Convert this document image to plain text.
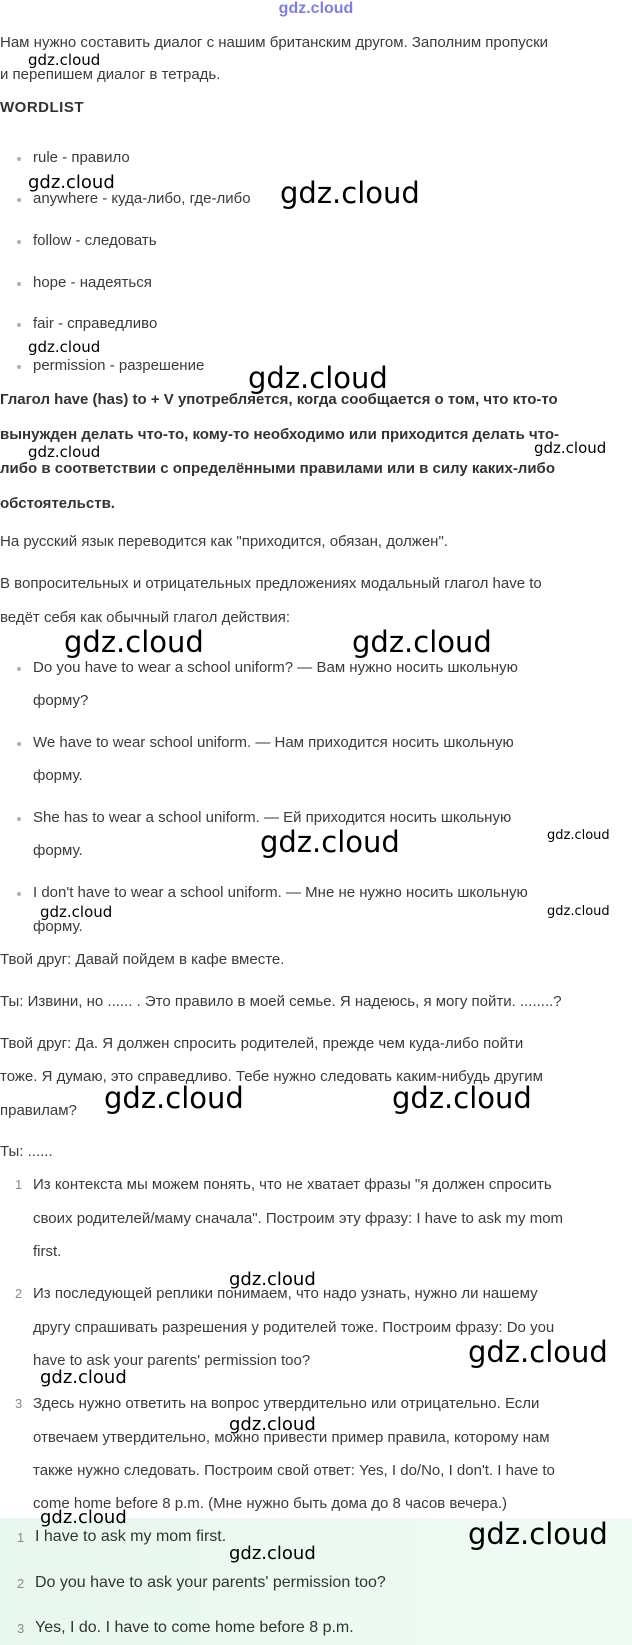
gdz.cloud
Нам нужно составить диалог с нашим британским другом. Заполним пропуски
и перепишем диалог в тетрадь.
WORDLIST
rule - правило
anywhere - куда-либо, где-либо
follow - следовать
hope - надеяться
fair - справедливо
permission - разрешение
Глагол have (has) to + V употребляется, когда сообщается о том, что кто-то
вынужден делать что-то, кому-то необходимо или приходится делать что-
либо в соответствии с определёнными правилами или в силу каких-либо
обстоятельств.
На русский язык переводится как "приходится, обязан, должен".
В вопросительных и отрицательных предложениях модальный глагол have to
ведёт себя как обычный глагол действия:
Do you have to wear a school uniform? — Вам нужно носить школьную
форму?
We have to wear school uniform. — Нам приходится носить школьную
форму.
She has to wear a school uniform. — Ей приходится носить школьную
форму.
I don't have to wear a school uniform. — Мне не нужно носить школьную
форму.
Твой друг: Давай пойдем в кафе вместе.
Ты: Извини, но ...... . Это правило в моей семье. Я надеюсь, я могу пойти. ........?
Твой друг: Да. Я должен спросить родителей, прежде чем куда-либо пойти
тоже. Я думаю, это справедливо. Тебе нужно следовать каким-нибудь другим
правилам?
Ты: ......
1 Из контекста мы можем понять, что не хватает фразы "я должен спросить
своих родителей/маму сначала". Построим эту фразу: I have to ask my mom
first.
2 Из последующей реплики понимаем, что надо узнать, нужно ли нашему
другу спрашивать разрешения у родителей тоже. Построим фразу: Do you
have to ask your parents' permission too?
3 Здесь нужно ответить на вопрос утвердительно или отрицательно. Если
отвечаем утвердительно, можно привести пример правила, которому нам
также нужно следовать. Построим свой ответ: Yes, I do/No, I don't. I have to
come home before 8 p.m. (Мне нужно быть дома до 8 часов вечера.)
1 I have to ask my mom first.
2 Do you have to ask your parents' permission too?
3 Yes, I do. I have to come home before 8 p.m.
gdz.cloud
gdz.cloud	gdz.cloud
gdz.cloud
gdz.cloud
gdz.cloud	gdz.cloud
gdz.cloud	gdz.cloud
gdz.cloud	gdz.cloud
gdz.cloud	gdz.cloud
gdz.cloud	gdz.cloud
gdz.cloud
gdz.cloud
gdz.cloud
gdz.cloud
gdz.cloud	gdz.cloud
gdz.cloud
